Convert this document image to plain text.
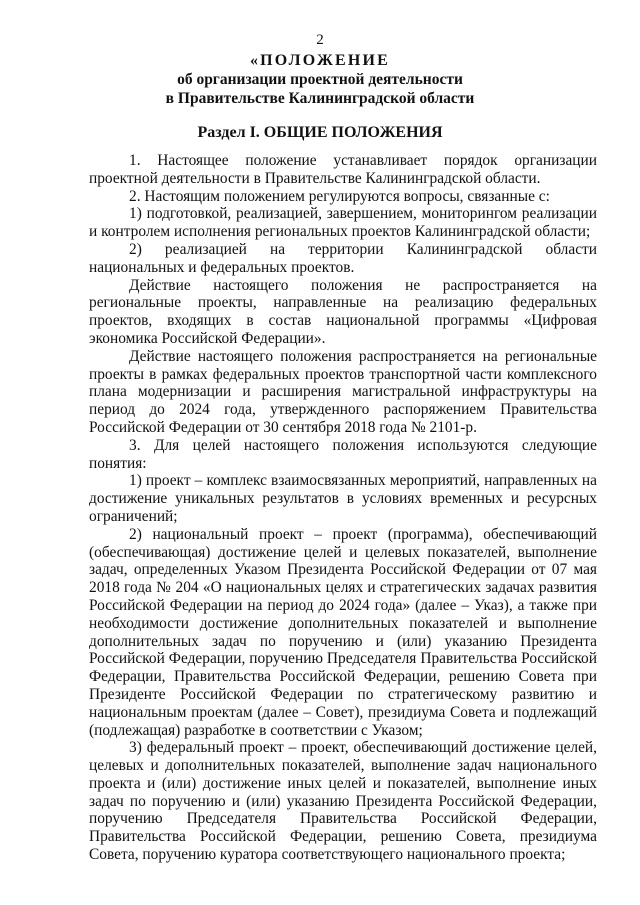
2
«ПОЛОЖЕНИЕ
об организации проектной деятельности
в Правительстве Калининградской области
Раздел I. ОБЩИЕ ПОЛОЖЕНИЯ

1. Настоящее положение устанавливает порядок организации проектной деятельности в Правительстве Калининградской области.

2. Настоящим положением регулируются вопросы, связанные с:

1) подготовкой, реализацией, завершением, мониторингом реализации и контролем исполнения региональных проектов Калининградской области;

2) реализацией на территории Калининградской области национальных и федеральных проектов.

Действие настоящего положения не распространяется на региональные проекты, направленные на реализацию федеральных проектов, входящих в состав национальной программы «Цифровая экономика Российской Федерации».

Действие настоящего положения распространяется на региональные проекты в рамках федеральных проектов транспортной части комплексного плана модернизации и расширения магистральной инфраструктуры на период до 2024 года, утвержденного распоряжением Правительства Российской Федерации от 30 сентября 2018 года № 2101-р.

3. Для целей настоящего положения используются следующие понятия:

1) проект – комплекс взаимосвязанных мероприятий, направленных на достижение уникальных результатов в условиях временных и ресурсных ограничений;

2) национальный проект – проект (программа), обеспечивающий (обеспечивающая) достижение целей и целевых показателей, выполнение задач, определенных Указом Президента Российской Федерации от 07 мая 2018 года № 204 «О национальных целях и стратегических задачах развития Российской Федерации на период до 2024 года» (далее – Указ), а также при необходимости достижение дополнительных показателей и выполнение дополнительных задач по поручению и (или) указанию Президента Российской Федерации, поручению Председателя Правительства Российской Федерации, Правительства Российской Федерации, решению Совета при Президенте Российской Федерации по стратегическому развитию и национальным проектам (далее – Совет), президиума Совета и подлежащий (подлежащая) разработке в соответствии с Указом;

3) федеральный проект – проект, обеспечивающий достижение целей, целевых и дополнительных показателей, выполнение задач национального проекта и (или) достижение иных целей и показателей, выполнение иных задач по поручению и (или) указанию Президента Российской Федерации, поручению Председателя Правительства Российской Федерации, Правительства Российской Федерации, решению Совета, президиума Совета, поручению куратора соответствующего национального проекта;
